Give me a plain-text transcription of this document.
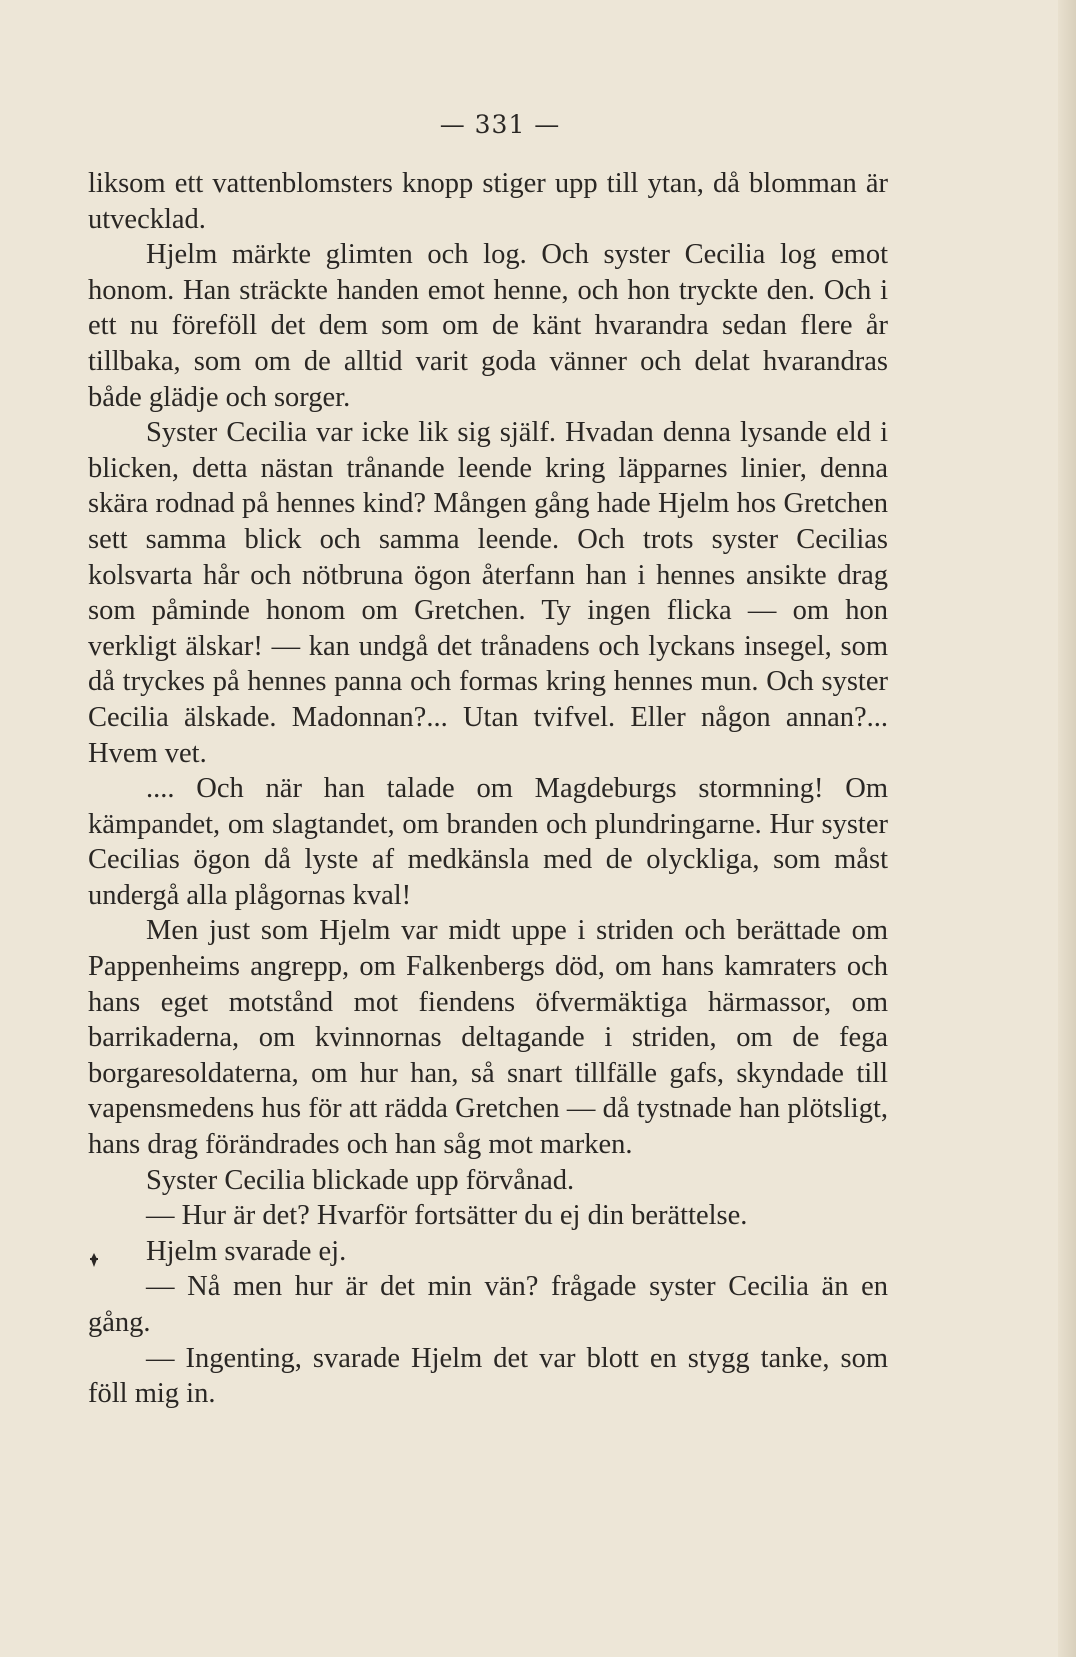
— 331 —

liksom ett vattenblomsters knopp stiger upp till ytan, då blomman är utvecklad.

Hjelm märkte glimten och log. Och syster Cecilia log emot honom. Han sträckte handen emot henne, och hon tryckte den. Och i ett nu föreföll det dem som om de känt hvarandra sedan flere år tillbaka, som om de alltid varit goda vänner och delat hvarandras både glädje och sorger.

Syster Cecilia var icke lik sig själf. Hvadan denna lysande eld i blicken, detta nästan trånande leende kring läpparnes linier, denna skära rodnad på hennes kind? Mången gång hade Hjelm hos Gretchen sett samma blick och samma leende. Och trots syster Cecilias kolsvarta hår och nötbruna ögon återfann han i hennes ansikte drag som påminde honom om Gretchen. Ty ingen flicka — om hon verkligt älskar! — kan undgå det trånadens och lyckans insegel, som då tryckes på hennes panna och formas kring hennes mun. Och syster Cecilia älskade. Madonnan?... Utan tvifvel. Eller någon annan?... Hvem vet.

.... Och när han talade om Magdeburgs stormning! Om kämpandet, om slagtandet, om branden och plundringarne. Hur syster Cecilias ögon då lyste af medkänsla med de olyckliga, som måst undergå alla plågornas kval!

Men just som Hjelm var midt uppe i striden och berättade om Pappenheims angrepp, om Falkenbergs död, om hans kamraters och hans eget motstånd mot fiendens öfvermäktiga härmassor, om barrikaderna, om kvinnornas deltagande i striden, om de fega borgaresoldaterna, om hur han, så snart tillfälle gafs, skyndade till vapensmedens hus för att rädda Gretchen — då tystnade han plötsligt, hans drag förändrades och han såg mot marken.

Syster Cecilia blickade upp förvånad.

— Hur är det? Hvarför fortsätter du ej din berättelse.

Hjelm svarade ej.

— Nå men hur är det min vän? frågade syster Cecilia än en gång.

— Ingenting, svarade Hjelm det var blott en stygg tanke, som föll mig in.
